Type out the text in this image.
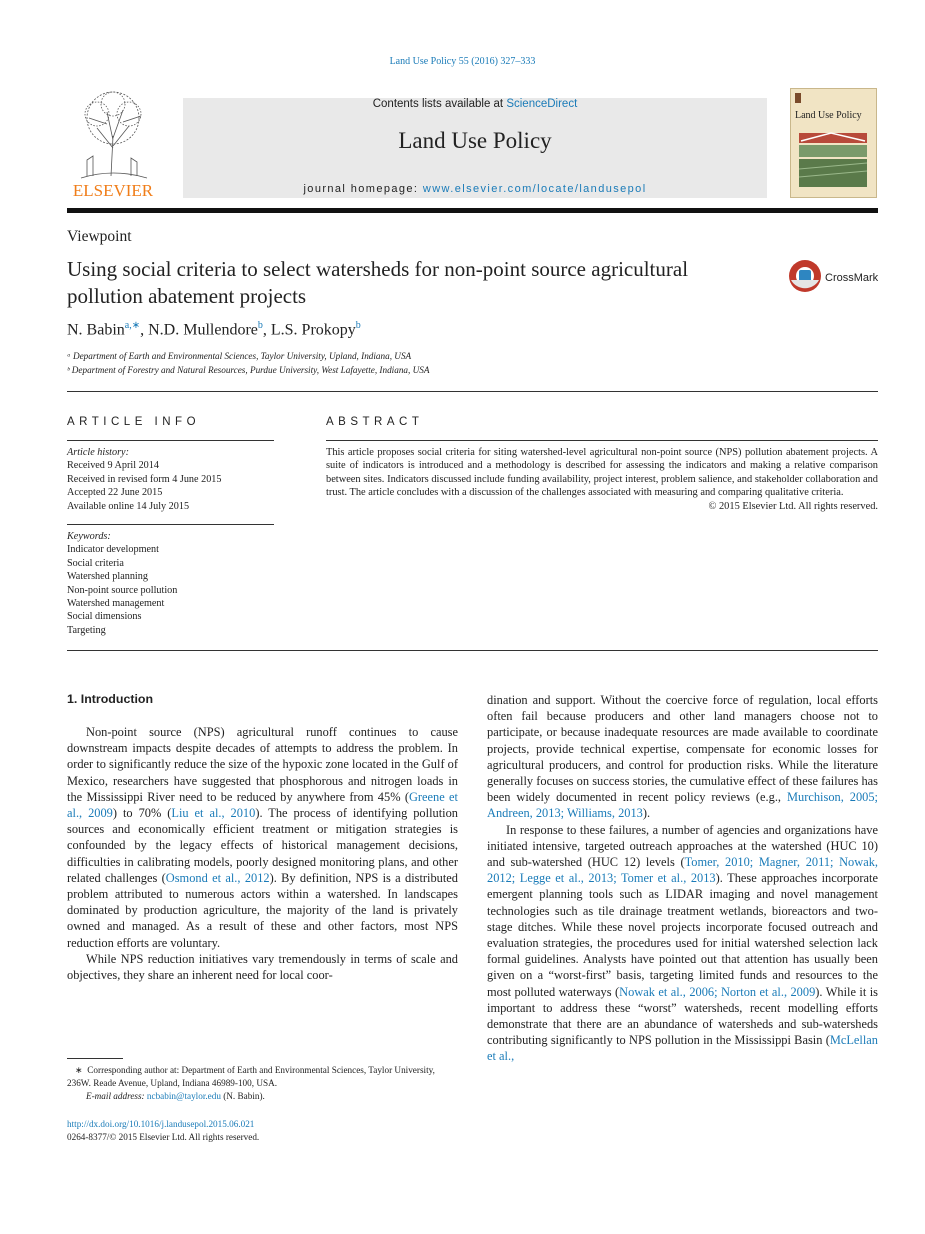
Land Use Policy 55 (2016) 327–333
ELSEVIER
Contents lists available at ScienceDirect
Land Use Policy
journal homepage: www.elsevier.com/locate/landusepol
Land Use Policy
Viewpoint
Using social criteria to select watersheds for non-point source agricultural pollution abatement projects
CrossMark
N. Babin$^{a,∗}$, N.D. Mullendore$^b$, L.S. Prokopy$^b$
ᵃ Department of Earth and Environmental Sciences, Taylor University, Upland, Indiana, USA
ᵇ Department of Forestry and Natural Resources, Purdue University, West Lafayette, Indiana, USA
ARTICLE INFO
Article history:
Received 9 April 2014
Received in revised form 4 June 2015
Accepted 22 June 2015
Available online 14 July 2015
Keywords:
Indicator development
Social criteria
Watershed planning
Non-point source pollution
Watershed management
Social dimensions
Targeting
ABSTRACT
This article proposes social criteria for siting watershed-level agricultural non-point source (NPS) pollution abatement projects. A suite of indicators is introduced and a methodology is described for assessing the indicators and making a relative comparison between sites. Indicators discussed include funding availability, project interest, problem salience, and stakeholder collaboration and trust. The article concludes with a discussion of the challenges associated with measuring and comparing qualitative criteria.
© 2015 Elsevier Ltd. All rights reserved.
1. Introduction

Non-point source (NPS) agricultural runoff continues to cause downstream impacts despite decades of attempts to address the problem. In order to significantly reduce the size of the hypoxic zone located in the Gulf of Mexico, researchers have suggested that phosphorous and nitrogen loads in the Mississippi River need to be reduced by anywhere from 45% (Greene et al., 2009) to 70% (Liu et al., 2010). The process of identifying pollution sources and economically efficient treatment or mitigation strategies is confounded by the legacy effects of historical management decisions, difficulties in calibrating models, poorly designed monitoring plans, and other related challenges (Osmond et al., 2012). By definition, NPS is a distributed problem attributed to numerous actors within a watershed. In landscapes dominated by production agriculture, the majority of the land is privately owned and managed. As a result of these and other factors, most NPS reduction efforts are voluntary.

While NPS reduction initiatives vary tremendously in terms of scale and objectives, they share an inherent need for local coor-

dination and support. Without the coercive force of regulation, local efforts often fail because producers and other land managers choose not to participate, or because inadequate resources are made available to coordinate projects, provide technical expertise, compensate for economic losses for agricultural producers, and control for production risks. While the literature generally focuses on success stories, the cumulative effect of these failures has been widely documented in recent policy reviews (e.g., Murchison, 2005; Andreen, 2013; Williams, 2013).

In response to these failures, a number of agencies and organizations have initiated intensive, targeted outreach approaches at the watershed (HUC 10) and sub-watershed (HUC 12) levels (Tomer, 2010; Magner, 2011; Nowak, 2012; Legge et al., 2013; Tomer et al., 2013). These approaches incorporate emergent planning tools such as LIDAR imaging and novel management technologies such as tile drainage treatment wetlands, bioreactors and two-stage ditches. While these novel projects incorporate focused outreach and evaluation strategies, the procedures used for initial watershed selection lack formal guidelines. Analysts have pointed out that attention has usually been given on a “worst-first” basis, targeting limited funds and resources to the most polluted waterways (Nowak et al., 2006; Norton et al., 2009). While it is important to address these “worst” watersheds, recent modelling efforts demonstrate that there are an abundance of watersheds and sub-watersheds contributing significantly to NPS pollution in the Mississippi Basin (McLellan et al.,

∗ Corresponding author at: Department of Earth and Environmental Sciences, Taylor University, 236W. Reade Avenue, Upland, Indiana 46989-100, USA.
E-mail address: ncbabin@taylor.edu (N. Babin).
http://dx.doi.org/10.1016/j.landusepol.2015.06.021
0264-8377/© 2015 Elsevier Ltd. All rights reserved.
